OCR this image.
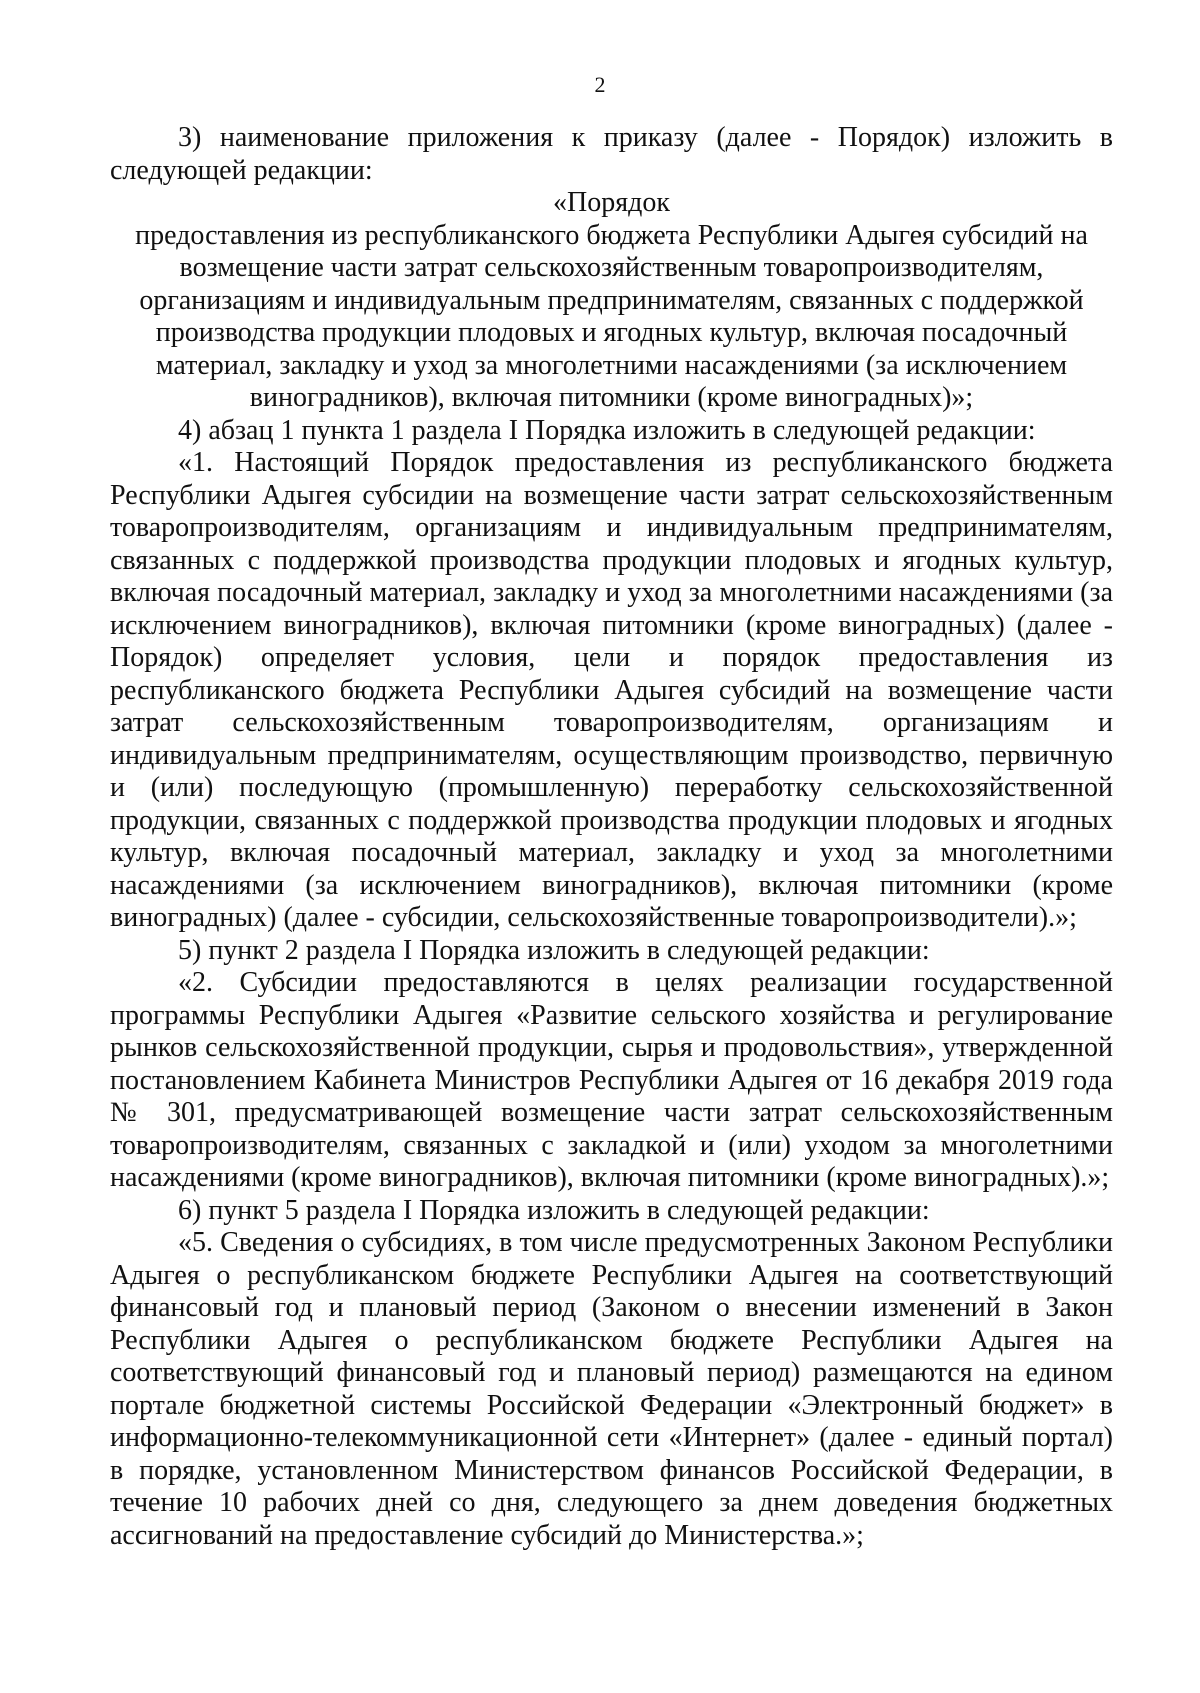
2

3) наименование приложения к приказу (далее - Порядок) изложить в следующей редакции:

«Порядок

предоставления из республиканского бюджета Республики Адыгея субсидий на возмещение части затрат сельскохозяйственным товаропроизводителям, организациям и индивидуальным предпринимателям, связанных с поддержкой производства продукции плодовых и ягодных культур, включая посадочный материал, закладку и уход за многолетними насаждениями (за исключением виноградников), включая питомники (кроме виноградных)»;

4) абзац 1 пункта 1 раздела I Порядка изложить в следующей редакции:

«1. Настоящий Порядок предоставления из республиканского бюджета Республики Адыгея субсидии на возмещение части затрат сельскохозяйственным товаропроизводителям, организациям и индивидуальным предпринимателям, связанных с поддержкой производства продукции плодовых и ягодных культур, включая посадочный материал, закладку и уход за многолетними насаждениями (за исключением виноградников), включая питомники (кроме виноградных) (далее - Порядок) определяет условия, цели и порядок предоставления из республиканского бюджета Республики Адыгея субсидий на возмещение части затрат сельскохозяйственным товаропроизводителям, организациям и индивидуальным предпринимателям, осуществляющим производство, первичную и (или) последующую (промышленную) переработку сельскохозяйственной продукции, связанных с поддержкой производства продукции плодовых и ягодных культур, включая посадочный материал, закладку и уход за многолетними насаждениями (за исключением виноградников), включая питомники (кроме виноградных) (далее - субсидии, сельскохозяйственные товаропроизводители).»;

5) пункт 2 раздела I Порядка изложить в следующей редакции:

«2. Субсидии предоставляются в целях реализации государственной программы Республики Адыгея «Развитие сельского хозяйства и регулирование рынков сельскохозяйственной продукции, сырья и продовольствия», утвержденной постановлением Кабинета Министров Республики Адыгея от 16 декабря 2019 года № 301, предусматривающей возмещение части затрат сельскохозяйственным товаропроизводителям, связанных с закладкой и (или) уходом за многолетними насаждениями (кроме виноградников), включая питомники (кроме виноградных).»;

6) пункт 5 раздела I Порядка изложить в следующей редакции:

«5. Сведения о субсидиях, в том числе предусмотренных Законом Республики Адыгея о республиканском бюджете Республики Адыгея на соответствующий финансовый год и плановый период (Законом о внесении изменений в Закон Республики Адыгея о республиканском бюджете Республики Адыгея на соответствующий финансовый год и плановый период) размещаются на едином портале бюджетной системы Российской Федерации «Электронный бюджет» в информационно-телекоммуникационной сети «Интернет» (далее - единый портал) в порядке, установленном Министерством финансов Российской Федерации, в течение 10 рабочих дней со дня, следующего за днем доведения бюджетных ассигнований на предоставление субсидий до Министерства.»;
